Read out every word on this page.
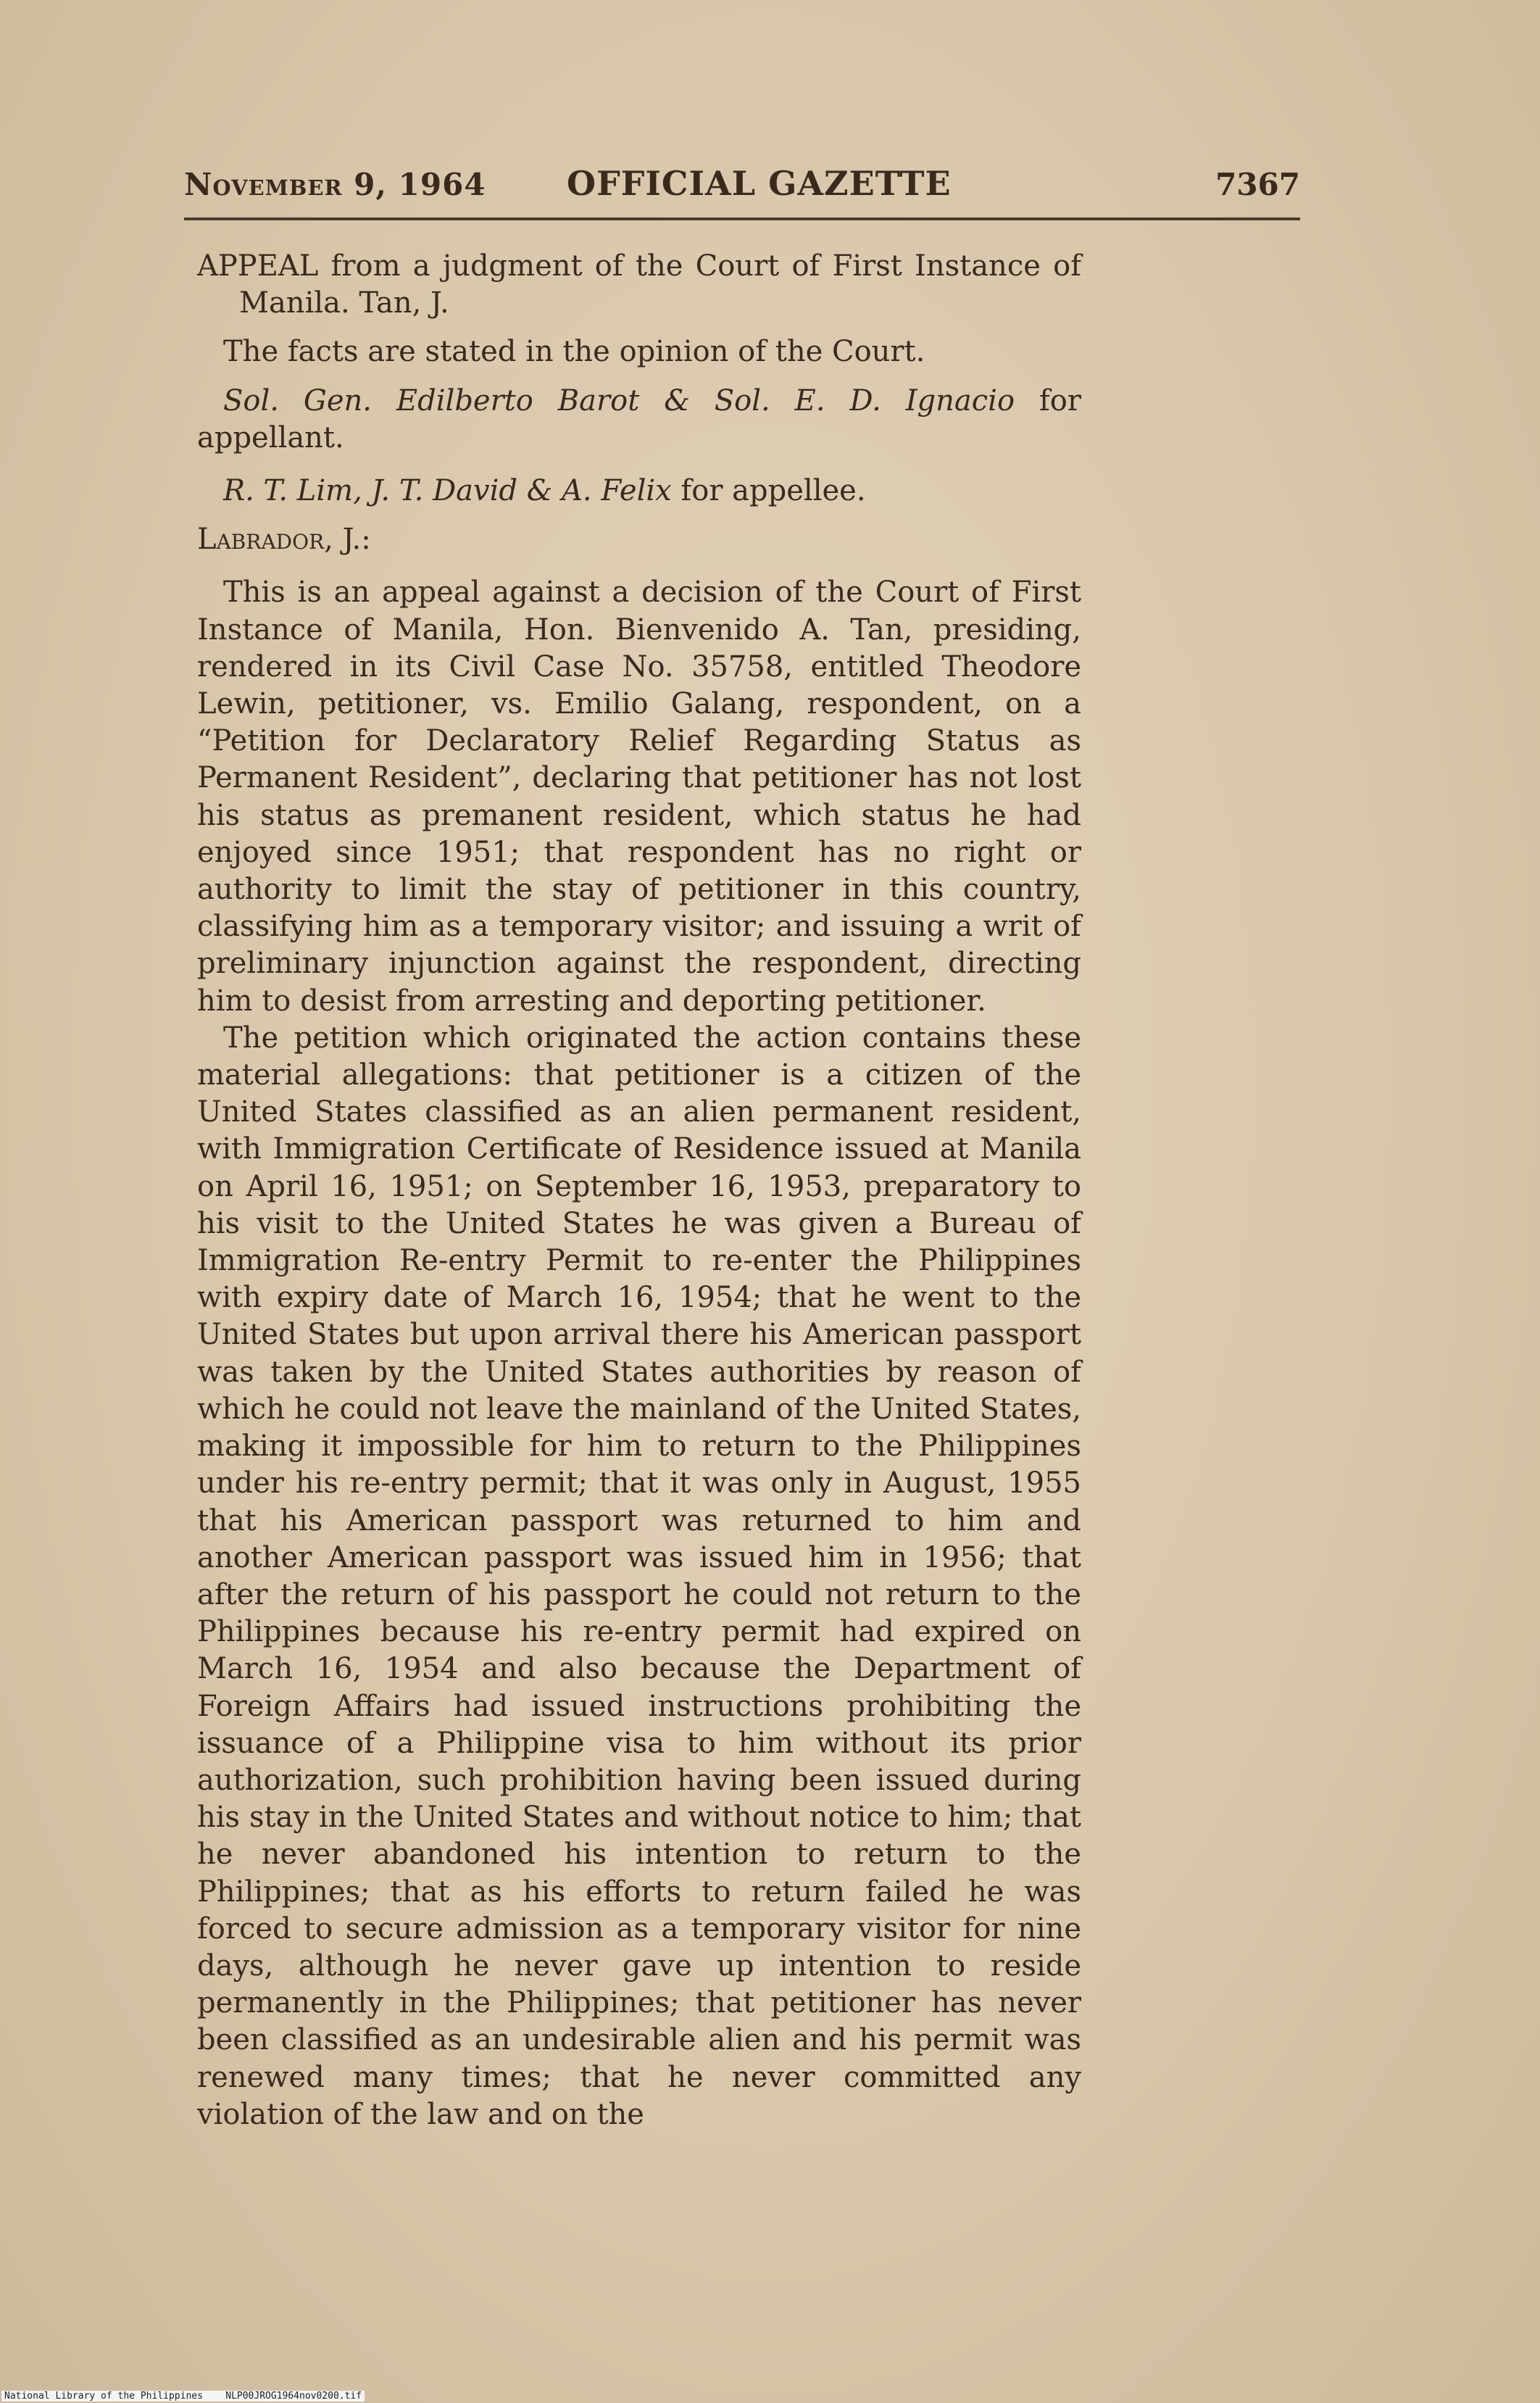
November 9, 1964 OFFICIAL GAZETTE	7367

APPEAL from a judgment of the Court of First Instance of Manila. Tan, J.

The facts are stated in the opinion of the Court.

Sol. Gen. Edilberto Barot & Sol. E. D. Ignacio for appellant.

R. T. Lim, J. T. David & A. Felix for appellee.

Labrador, J.:

This is an appeal against a decision of the Court of First Instance of Manila, Hon. Bienvenido A. Tan, presiding, rendered in its Civil Case No. 35758, entitled Theodore Lewin, petitioner, vs. Emilio Galang, respondent, on a “Petition for Declaratory Relief Regarding Status as Permanent Resident”, declaring that petitioner has not lost his status as premanent resident, which status he had enjoyed since 1951; that respondent has no right or authority to limit the stay of petitioner in this country, classifying him as a temporary visitor; and issuing a writ of preliminary injunction against the respondent, directing him to desist from arresting and deporting petitioner.

The petition which originated the action contains these material allegations: that petitioner is a citizen of the United States classified as an alien permanent resident, with Immigration Certificate of Residence issued at Manila on April 16, 1951; on September 16, 1953, preparatory to his visit to the United States he was given a Bureau of Immigration Re-entry Permit to re-enter the Philippines with expiry date of March 16, 1954; that he went to the United States but upon arrival there his American passport was taken by the United States authorities by reason of which he could not leave the mainland of the United States, making it impossible for him to return to the Philippines under his re-entry permit; that it was only in August, 1955 that his American passport was returned to him and another American passport was issued him in 1956; that after the return of his passport he could not return to the Philippines because his re-entry permit had expired on March 16, 1954 and also because the Department of Foreign Affairs had issued instructions prohibiting the issuance of a Philippine visa to him without its prior authorization, such prohibition having been issued during his stay in the United States and without notice to him; that he never abandoned his intention to return to the Philippines; that as his efforts to return failed he was forced to secure admission as a temporary visitor for nine days, although he never gave up intention to reside permanently in the Philippines; that petitioner has never been classified as an undesirable alien and his permit was renewed many times; that he never committed any violation of the law and on the

National Library of the Philippines NLP00JROG1964nov0200.tif
